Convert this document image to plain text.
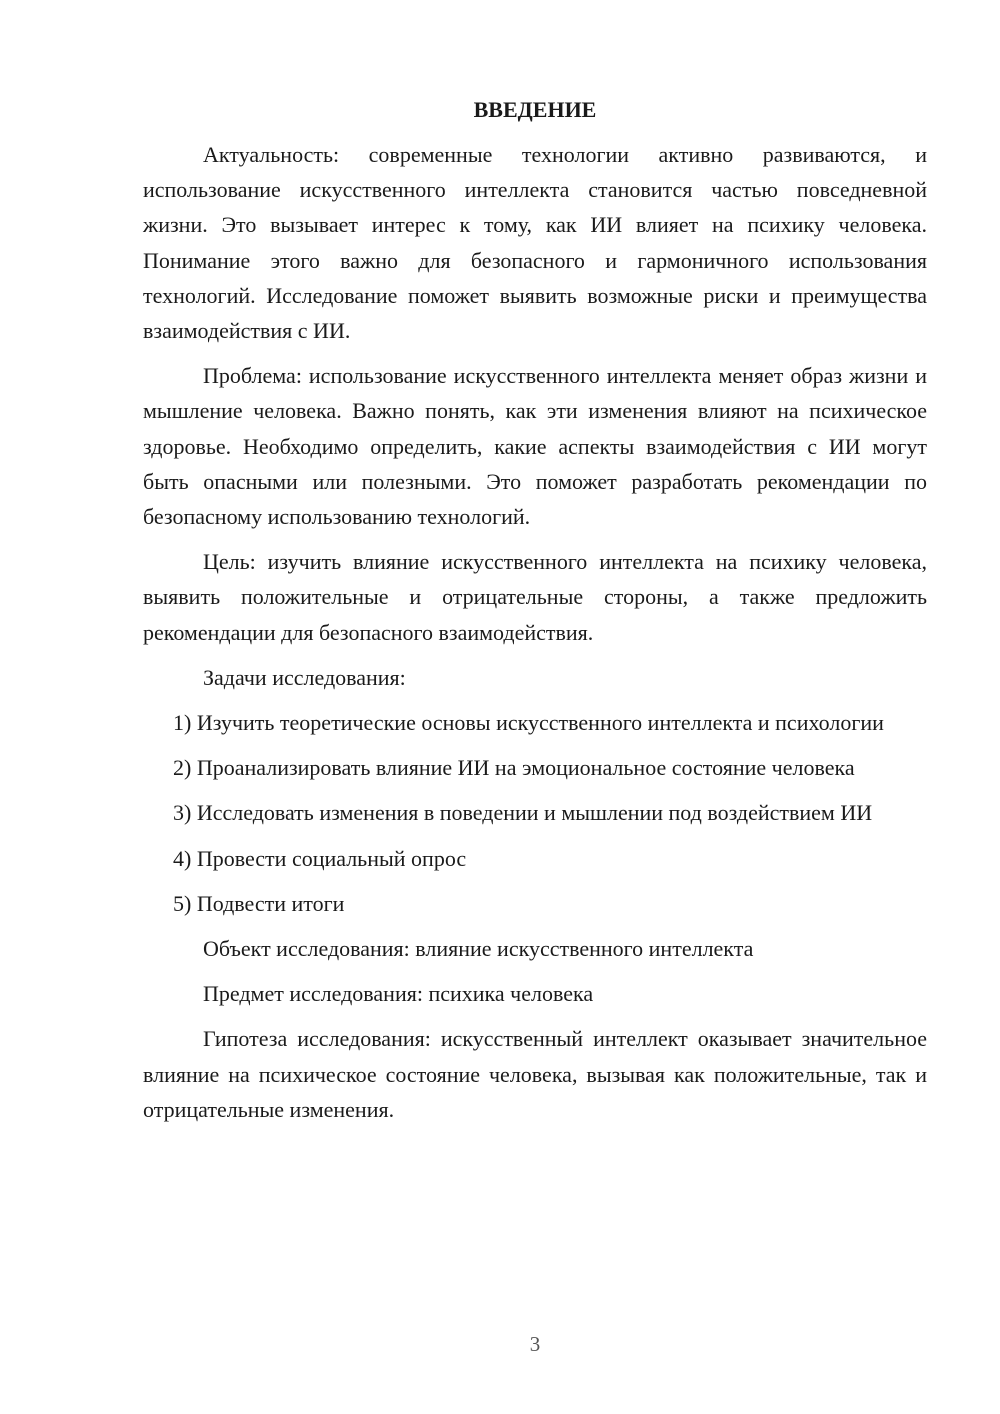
ВВЕДЕНИЕ

Актуальность: современные технологии активно развиваются, и использование искусственного интеллекта становится частью повседневной жизни. Это вызывает интерес к тому, как ИИ влияет на психику человека. Понимание этого важно для безопасного и гармоничного использования технологий. Исследование поможет выявить возможные риски и преимущества взаимодействия с ИИ.

Проблема: использование искусственного интеллекта меняет образ жизни и мышление человека. Важно понять, как эти изменения влияют на психическое здоровье. Необходимо определить, какие аспекты взаимодействия с ИИ могут быть опасными или полезными. Это поможет разработать рекомендации по безопасному использованию технологий.

Цель: изучить влияние искусственного интеллекта на психику человека, выявить положительные и отрицательные стороны, а также предложить рекомендации для безопасного взаимодействия.

Задачи исследования:

1) Изучить теоретические основы искусственного интеллекта и психологии

2) Проанализировать влияние ИИ на эмоциональное состояние человека

3) Исследовать изменения в поведении и мышлении под воздействием ИИ

4) Провести социальный опрос

5) Подвести итоги

Объект исследования: влияние искусственного интеллекта

Предмет исследования: психика человека

Гипотеза исследования: искусственный интеллект оказывает значительное влияние на психическое состояние человека, вызывая как положительные, так и отрицательные изменения.

3
